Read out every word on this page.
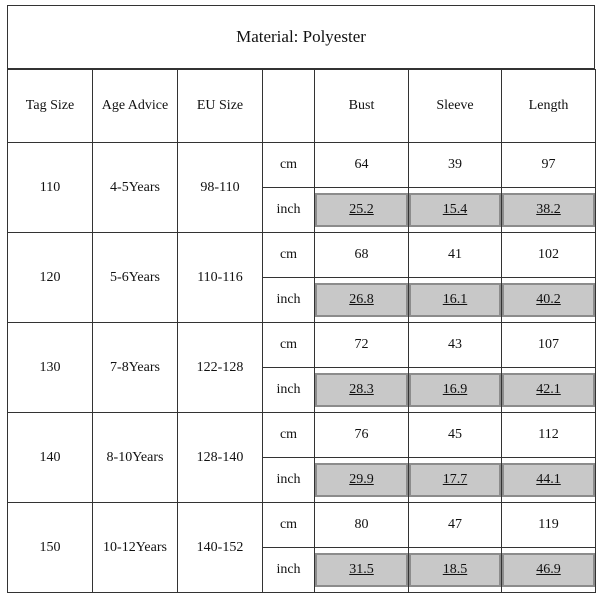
Material: Polyester
Tag Size	Age Advice	EU Size		Bust	Sleeve	Length
110	4-5Years	98-110	cm	64	39	97
			inch	25.2	15.4	38.2

120	5-6Years	110-116	cm	68	41	102
			inch	26.8	16.1	40.2

130	7-8Years	122-128	cm	72	43	107
			inch	28.3	16.9	42.1

140	8-10Years	128-140	cm	76	45	112
			inch	29.9	17.7	44.1

150	10-12Years	140-152	cm	80	47	119
			inch	31.5	18.5	46.9
